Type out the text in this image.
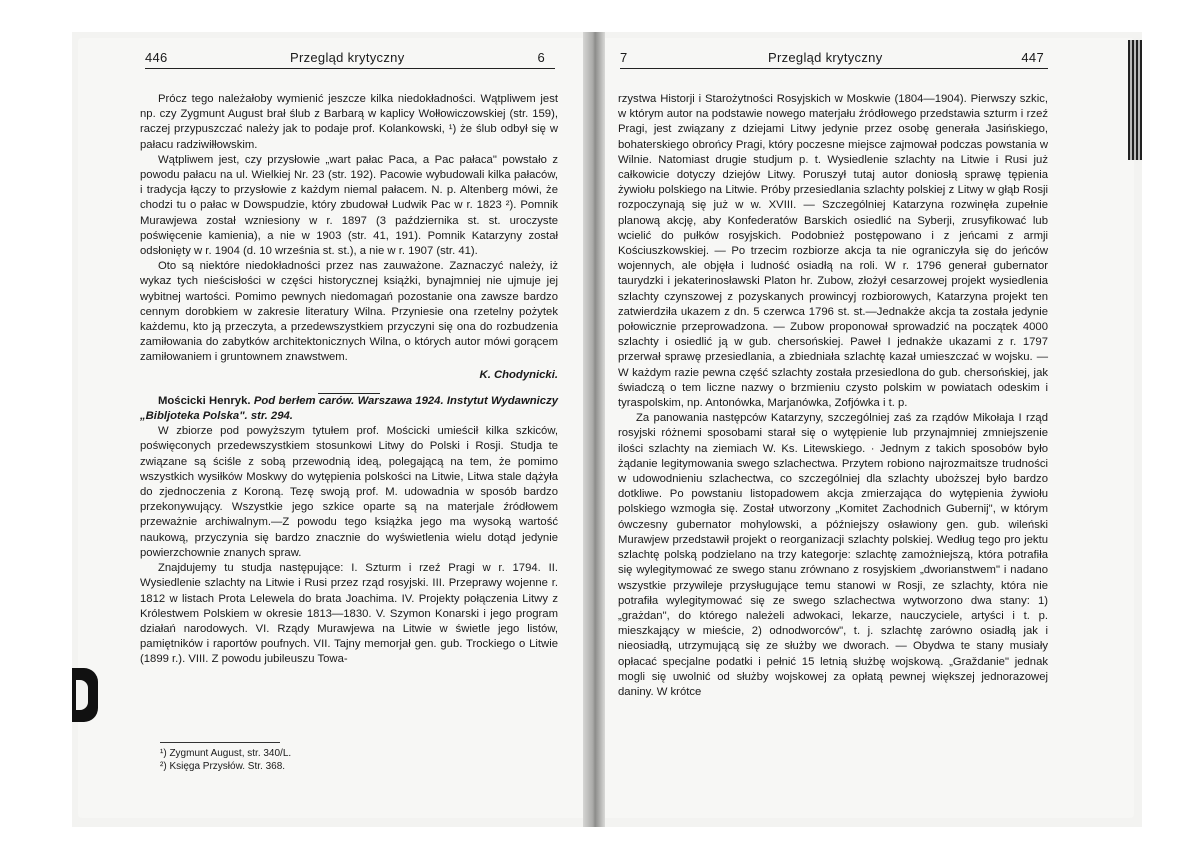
446	Przegląd krytyczny	6	7	Przegląd krytyczny	447

Prócz tego należałoby wymienić jeszcze kilka niedokładności. Wątpliwem jest np. czy Zygmunt August brał ślub z Barbarą w kaplicy Wołłowiczowskiej (str. 159), raczej przypuszczać należy jak to podaje prof. Kolankowski, ¹) że ślub odbył się w pałacu radziwiłłowskim.

Wątpliwem jest, czy przysłowie „wart pałac Paca, a Pac pałaca" powstało z powodu pałacu na ul. Wielkiej Nr. 23 (str. 192). Pacowie wybudowali kilka pałaców, i tradycja łączy to przysłowie z każdym niemal pałacem. N. p. Altenberg mówi, że chodzi tu o pałac w Dowspudzie, który zbudował Ludwik Pac w r. 1823 ²). Pomnik Murawjewa został wzniesiony w r. 1897 (3 października st. st. uroczyste poświęcenie kamienia), a nie w 1903 (str. 41, 191). Pomnik Katarzyny został odsłonięty w r. 1904 (d. 10 września st. st.), a nie w r. 1907 (str. 41).

Oto są niektóre niedokładności przez nas zauważone. Zaznaczyć należy, iż wykaz tych nieścisłości w części historycznej książki, bynajmniej nie ujmuje jej wybitnej wartości. Pomimo pewnych niedomagań pozostanie ona zawsze bardzo cennym dorobkiem w zakresie literatury Wilna. Przyniesie ona rzetelny pożytek każdemu, kto ją przeczyta, a przedewszystkiem przyczyni się ona do rozbudzenia zamiłowania do zabytków architektonicznych Wilna, o których autor mówi gorącem zamiłowaniem i gruntownem znawstwem.

K. Chodynicki.

Mościcki Henryk. Pod berłem carów. Warszawa 1924. Instytut Wydawniczy „Bibljoteka Polska". str. 294.

W zbiorze pod powyższym tytułem prof. Mościcki umieścił kilka szkiców, poświęconych przedewszystkiem stosunkowi Litwy do Polski i Rosji. Studja te związane są ściśle z sobą przewodnią ideą, polegającą na tem, że pomimo wszystkich wysiłków Moskwy do wytępienia polskości na Litwie, Litwa stale dążyła do zjednoczenia z Koroną. Tezę swoją prof. M. udowadnia w sposób bardzo przekonywujący. Wszystkie jego szkice oparte są na materjale źródłowem przeważnie archiwalnym.—Z powodu tego książka jego ma wysoką wartość naukową, przyczynia się bardzo znacznie do wyświetlenia wielu dotąd jedynie powierzchownie znanych spraw.

Znajdujemy tu studja następujące: I. Szturm i rzeź Pragi w r. 1794. II. Wysiedlenie szlachty na Litwie i Rusi przez rząd rosyjski. III. Przeprawy wojenne r. 1812 w listach Prota Lelewela do brata Joachima. IV. Projekty połączenia Litwy z Królestwem Polskiem w okresie 1813—1830. V. Szymon Konarski i jego program działań narodowych. VI. Rządy Murawjewa na Litwie w świetle jego listów, pamiętników i raportów poufnych. VII. Tajny memorjał gen. gub. Trockiego o Litwie (1899 r.). VIII. Z powodu jubileuszu Towa-

¹) Zygmunt August, str. 340/L.
²) Księga Przysłów. Str. 368.

rzystwa Historji i Starożytności Rosyjskich w Moskwie (1804—1904). Pierwszy szkic, w którym autor na podstawie nowego materjału źródłowego przedstawia szturm i rzeź Pragi, jest związany z dziejami Litwy jedynie przez osobę generała Jasińskiego, bohaterskiego obrońcy Pragi, który poczesne miejsce zajmował podczas powstania w Wilnie. Natomiast drugie studjum p. t. Wysiedlenie szlachty na Litwie i Rusi już całkowicie dotyczy dziejów Litwy. Poruszył tutaj autor doniosłą sprawę tępienia żywiołu polskiego na Litwie. Próby przesiedlania szlachty polskiej z Litwy w głąb Rosji rozpoczynają się już w w. XVIII. — Szczególniej Katarzyna rozwinęła zupełnie planową akcję, aby Konfederatów Barskich osiedlić na Syberji, zrusyfikować lub wcielić do pułków rosyjskich. Podobnież postępowano i z jeńcami z armji Kościuszkowskiej. — Po trzecim rozbiorze akcja ta nie ograniczyła się do jeńców wojennych, ale objęła i ludność osiadłą na roli. W r. 1796 generał gubernator taurydzki i jekaterinosławski Platon hr. Zubow, złożył cesarzowej projekt wysiedlenia szlachty czynszowej z pozyskanych prowincyj rozbiorowych, Katarzyna projekt ten zatwierdziła ukazem z dn. 5 czerwca 1796 st. st.—Jednakże akcja ta została jedynie połowicznie przeprowadzona. — Zubow proponował sprowadzić na początek 4000 szlachty i osiedlić ją w gub. chersońskiej. Paweł I jednakże ukazami z r. 1797 przerwał sprawę przesiedlania, a zbiedniała szlachtę kazał umieszczać w wojsku. — W każdym razie pewna część szlachty została przesiedlona do gub. chersońskiej, jak świadczą o tem liczne nazwy o brzmieniu czysto polskim w powiatach odeskim i tyraspolskim, np. Antonówka, Marjanówka, Zofjówka i t. p.

Za panowania następców Katarzyny, szczególniej zaś za rządów Mikołaja I rząd rosyjski różnemi sposobami starał się o wytępienie lub przynajmniej zmniejszenie ilości szlachty na ziemiach W. Ks. Litewskiego. · Jednym z takich sposobów było żądanie legitymowania swego szlachectwa. Przytem robiono najrozmaitsze trudności w udowodnieniu szlachectwa, co szczególniej dla szlachty uboższej było bardzo dotkliwe. Po powstaniu listopadowem akcja zmierzająca do wytępienia żywiołu polskiego wzmogła się. Został utworzony „Komitet Zachodnich Gubernij", w którym ówczesny gubernator mohylowski, a późniejszy osławiony gen. gub. wileński Murawjew przedstawił projekt o reorganizacji szlachty polskiej. Według tego pro jektu szlachtę polską podzielano na trzy kategorje: szlachtę zamożniejszą, która potrafiła się wylegitymować ze swego stanu zrównano z rosyjskiem „dworianstwem" i nadano wszystkie przywileje przysługujące temu stanowi w Rosji, ze szlachty, która nie potrafiła wylegitymować się ze swego szlachectwa wytworzono dwa stany: 1) „grażdan", do którego należeli adwokaci, lekarze, nauczyciele, artyści i t. p. mieszkający w mieście, 2) odnodworców", t. j. szlachtę zarówno osiadłą jak i nieosiadłą, utrzymującą się ze służby we dworach. — Obydwa te stany musiały opłacać specjalne podatki i pełnić 15 letnią służbę wojskową. „Graždanie" jednak mogli się uwolnić od służby wojskowej za opłatą pewnej większej jednorazowej daniny. W krótce
